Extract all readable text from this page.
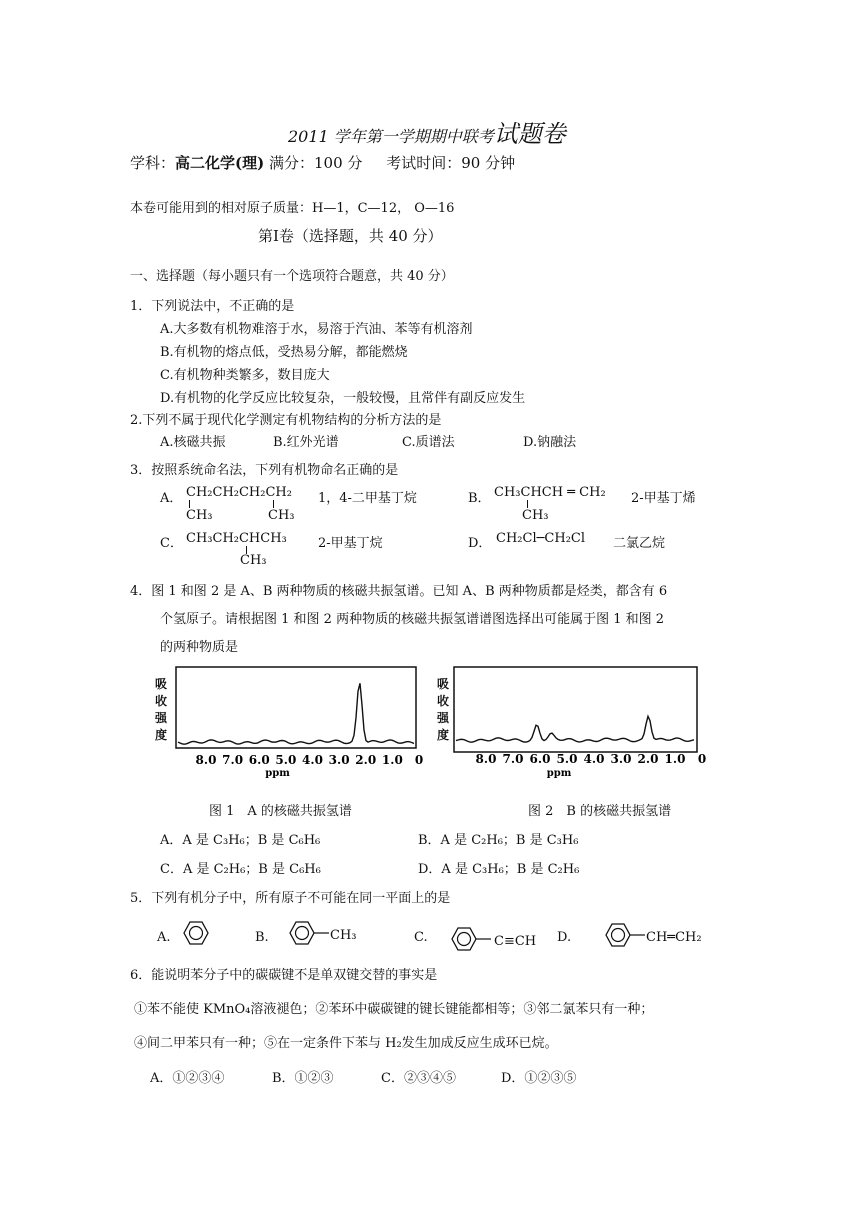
2011 学年第一学期期中联考试题卷
学科：高二化学(理) 满分：100 分 考试时间：90 分钟
本卷可能用到的相对原子质量：H—1，C—12， O—16
第Ⅰ卷（选择题，共 40 分）
一、选择题（每小题只有一个选项符合题意，共 40 分）
1．下列说法中，不正确的是
A.大多数有机物难溶于水，易溶于汽油、苯等有机溶剂
B.有机物的熔点低，受热易分解，都能燃烧
C.有机物种类繁多，数目庞大
D.有机物的化学反应比较复杂，一般较慢，且常伴有副反应发生
2.下列不属于现代化学测定有机物结构的分析方法的是
A.核磁共振	B.红外光谱	C.质谱法	D.钠融法
3．按照系统命名法，下列有机物命名正确的是
A． CH₂CH₂CH₂CH₂
CH₃	CH₃
1，4-二甲基丁烷	B． CH₃CHCH ═ CH₂
CH₃
2-甲基丁烯
C． CH₃CH₂CHCH₃
CH₃
2-甲基丁烷	D． CH₂Cl─CH₂Cl 二氯乙烷
4．图 1 和图 2 是 A、B 两种物质的核磁共振氢谱。已知 A、B 两种物质都是烃类，都含有 6
个氢原子。请根据图 1 和图 2 两种物质的核磁共振氢谱谱图选择出可能属于图 1 和图 2
的两种物质是
吸收强度
8.0 7.0 6.0 5.0 4.0 3.0 2.0 1.0 0
ppm
吸收强度
8.0 7.0 6.0 5.0 4.0 3.0 2.0 1.0 0
ppm
图 1　A 的核磁共振氢谱	图 2　B 的核磁共振氢谱
A．A 是 C₃H₆；B 是 C₆H₆	B．A 是 C₂H₆；B 是 C₃H₆
C．A 是 C₂H₆；B 是 C₆H₆	D．A 是 C₃H₆；B 是 C₂H₆
5．下列有机分子中，所有原子不可能在同一平面上的是
A.	B.	CH₃	C.	C≡CH D.	CH═CH₂
6．能说明苯分子中的碳碳键不是单双键交替的事实是
①苯不能使 KMnO₄溶液褪色；②苯环中碳碳键的键长键能都相等；③邻二氯苯只有一种；
④间二甲苯只有一种；⑤在一定条件下苯与 H₂发生加成反应生成环已烷。
A．①②③④	B．①②③	C．②③④⑤	D．①②③⑤
